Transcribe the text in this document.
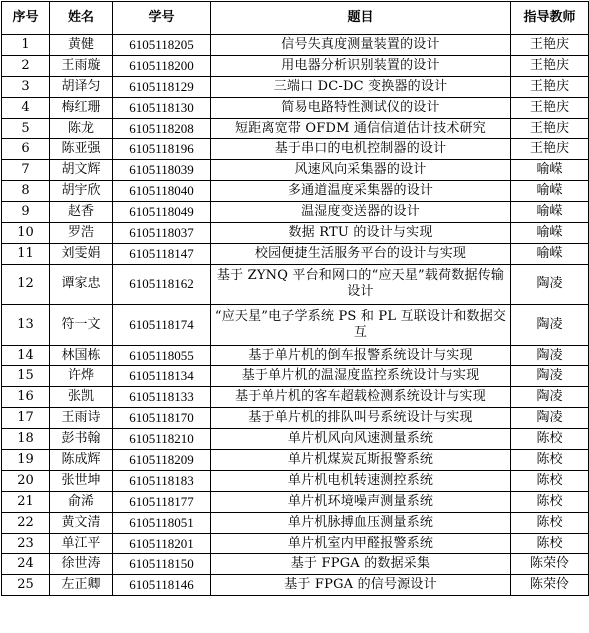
序号	姓名	学号	题目	指导教师
1	黄健	6105118205	信号失真度测量装置的设计	王艳庆
2	王雨璇	6105118200	用电器分析识别装置的设计	王艳庆
3	胡译匀	6105118129	三端口 DC-DC 变换器的设计	王艳庆
4	梅红珊	6105118130	简易电路特性测试仪的设计	王艳庆
5	陈龙	6105118208	短距离宽带 OFDM 通信信道估计技术研究	王艳庆
6	陈亚强	6105118196	基于串口的电机控制器的设计	王艳庆
7	胡文辉	6105118039	风速风向采集器的设计	喻嵘
8	胡宇欣	6105118040	多通道温度采集器的设计	喻嵘
9	赵香	6105118049	温湿度变送器的设计	喻嵘
10	罗浩	6105118037	数据 RTU 的设计与实现	喻嵘
11	刘雯娟	6105118147	校园便捷生活服务平台的设计与实现	喻嵘
12	谭家忠	6105118162	基于 ZYNQ 平台和网口的“应天星”载荷数据传输设计	陶凌
13	符一文	6105118174	“应天星”电子学系统 PS 和 PL 互联设计和数据交互	陶凌
14	林国栋	6105118055	基于单片机的倒车报警系统设计与实现	陶凌
15	许烨	6105118134	基于单片机的温湿度监控系统设计与实现	陶凌
16	张凯	6105118133	基于单片机的客车超载检测系统设计与实现	陶凌
17	王雨诗	6105118170	基于单片机的排队叫号系统设计与实现	陶凌
18	彭书翰	6105118210	单片机风向风速测量系统	陈校
19	陈成辉	6105118209	单片机煤炭瓦斯报警系统	陈校
20	张世坤	6105118183	单片机电机转速测控系统	陈校
21	俞浠	6105118177	单片机环境噪声测量系统	陈校
22	黄文清	6105118051	单片机脉搏血压测量系统	陈校
23	单江平	6105118201	单片机室内甲醛报警系统	陈校
24	徐世涛	6105118150	基于 FPGA 的数据采集	陈荣伶
25	左正卿	6105118146	基于 FPGA 的信号源设计	陈荣伶
